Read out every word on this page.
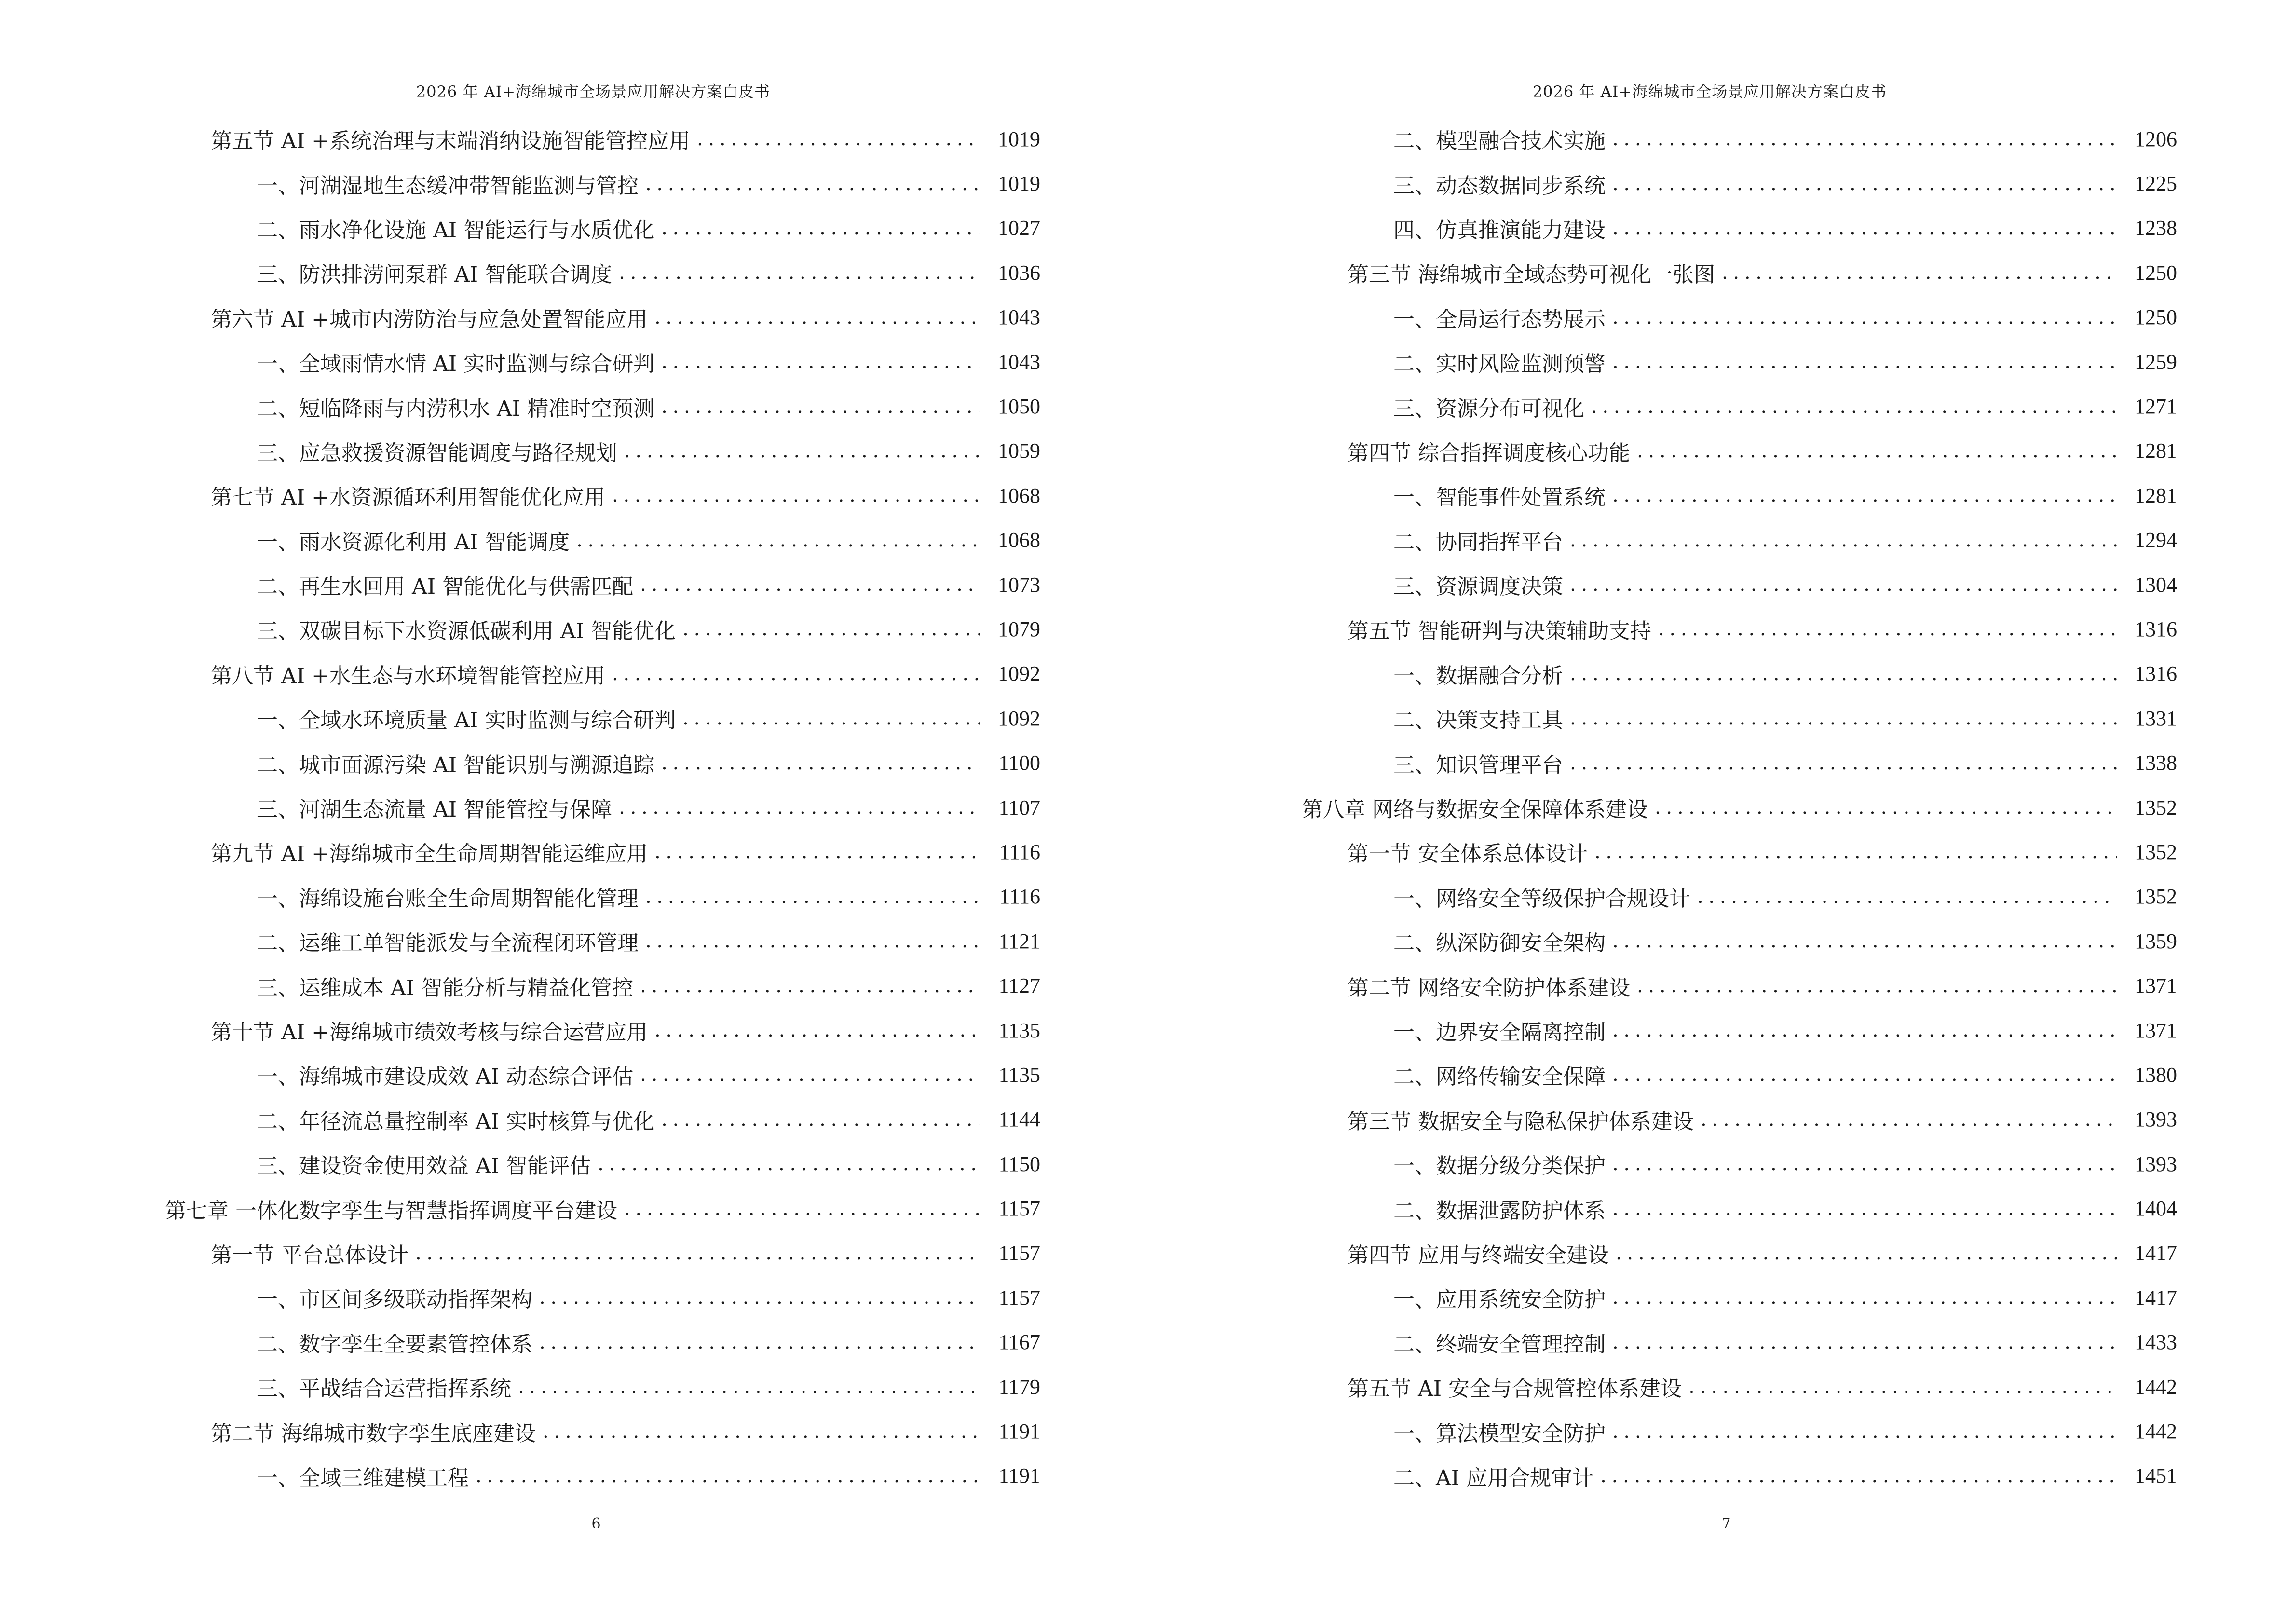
2026 年 AI+海绵城市全场景应用解决方案白皮书
第五节 AI +系统治理与末端消纳设施智能管控应用 . . .	1019
一、河湖湿地生态缓冲带智能监测与管控 . . .	1019
二、雨水净化设施 AI 智能运行与水质优化 . . .	1027
三、防洪排涝闸泵群 AI 智能联合调度 . . .	1036
第六节 AI +城市内涝防治与应急处置智能应用 . . .	1043
一、全域雨情水情 AI 实时监测与综合研判 . . .	1043
二、短临降雨与内涝积水 AI 精准时空预测 . . .	1050
三、应急救援资源智能调度与路径规划 . . .	1059
第七节 AI +水资源循环利用智能优化应用 . . .	1068
一、雨水资源化利用 AI 智能调度 . . .	1068
二、再生水回用 AI 智能优化与供需匹配 . . .	1073
三、双碳目标下水资源低碳利用 AI 智能优化 . . .	1079
第八节 AI +水生态与水环境智能管控应用 . . .	1092
一、全域水环境质量 AI 实时监测与综合研判 . . .	1092
二、城市面源污染 AI 智能识别与溯源追踪 . . .	1100
三、河湖生态流量 AI 智能管控与保障 . . .	1107
第九节 AI +海绵城市全生命周期智能运维应用 . . .	1116
一、海绵设施台账全生命周期智能化管理 . . .	1116
二、运维工单智能派发与全流程闭环管理 . . .	1121
三、运维成本 AI 智能分析与精益化管控 . . .	1127
第十节 AI +海绵城市绩效考核与综合运营应用 . . .	1135
一、海绵城市建设成效 AI 动态综合评估 . . .	1135
二、年径流总量控制率 AI 实时核算与优化 . . .	1144
三、建设资金使用效益 AI 智能评估 . . .	1150
第七章 一体化数字孪生与智慧指挥调度平台建设 . . .	1157
第一节 平台总体设计 . . .	1157
一、市区间多级联动指挥架构 . . .	1157
二、数字孪生全要素管控体系 . . .	1167
三、平战结合运营指挥系统 . . .	1179
第二节 海绵城市数字孪生底座建设 . . .	1191
一、全域三维建模工程 . . .	1191
6
2026 年 AI+海绵城市全场景应用解决方案白皮书
二、模型融合技术实施 . . .	1206
三、动态数据同步系统 . . .	1225
四、仿真推演能力建设 . . .	1238
第三节 海绵城市全域态势可视化一张图 . . .	1250
一、全局运行态势展示 . . .	1250
二、实时风险监测预警 . . .	1259
三、资源分布可视化 . . .	1271
第四节 综合指挥调度核心功能 . . .	1281
一、智能事件处置系统 . . .	1281
二、协同指挥平台 . . .	1294
三、资源调度决策 . . .	1304
第五节 智能研判与决策辅助支持 . . .	1316
一、数据融合分析 . . .	1316
二、决策支持工具 . . .	1331
三、知识管理平台 . . .	1338
第八章 网络与数据安全保障体系建设 . . .	1352
第一节 安全体系总体设计 . . .	1352
一、网络安全等级保护合规设计 . . .	1352
二、纵深防御安全架构 . . .	1359
第二节 网络安全防护体系建设 . . .	1371
一、边界安全隔离控制 . . .	1371
二、网络传输安全保障 . . .	1380
第三节 数据安全与隐私保护体系建设 . . .	1393
一、数据分级分类保护 . . .	1393
二、数据泄露防护体系 . . .	1404
第四节 应用与终端安全建设 . . .	1417
一、应用系统安全防护 . . .	1417
二、终端安全管理控制 . . .	1433
第五节 AI 安全与合规管控体系建设 . . .	1442
一、算法模型安全防护 . . .	1442
二、AI 应用合规审计 . . .	1451
7
